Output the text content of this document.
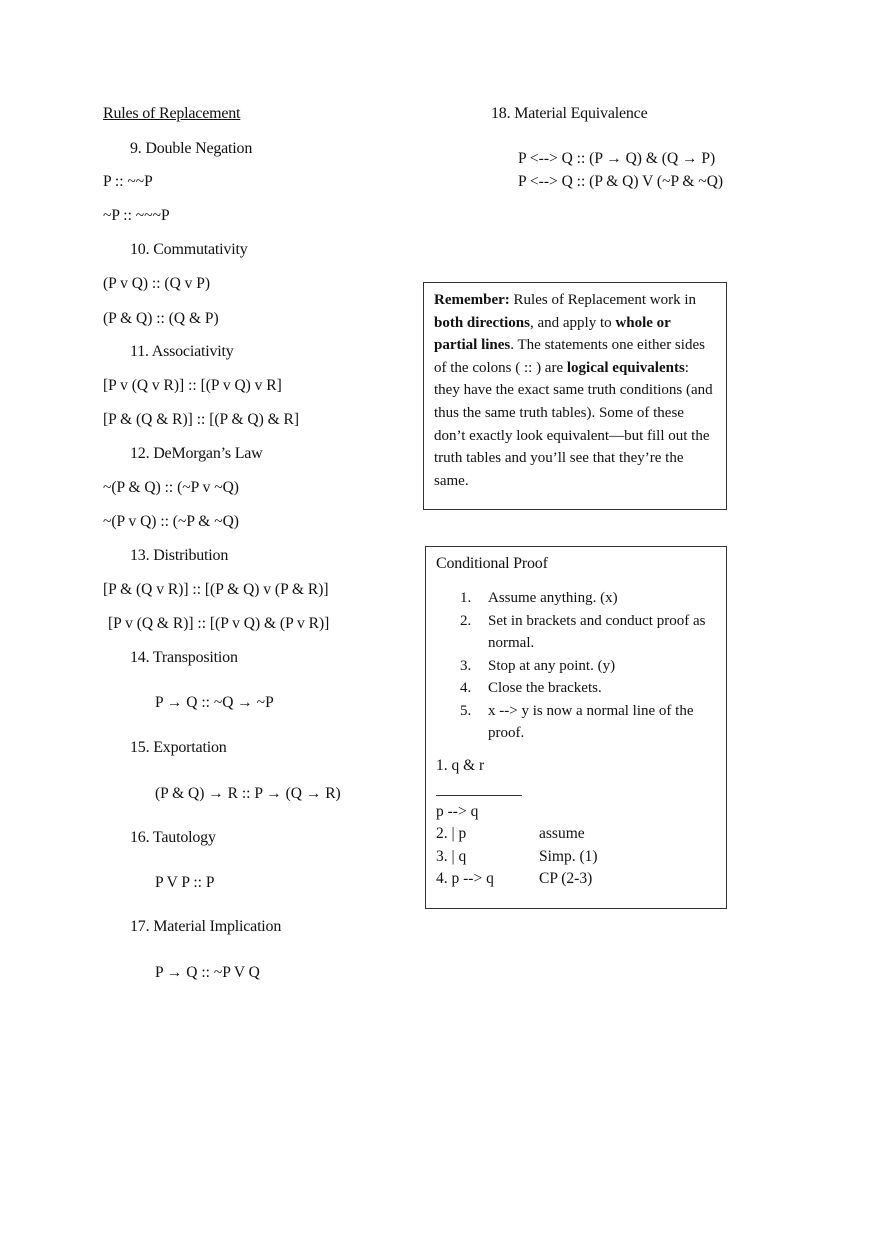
Rules of Replacement
9. Double Negation
P :: ~~P
~P :: ~~~P
10. Commutativity
(P v Q) :: (Q v P)
(P & Q) :: (Q & P)
11. Associativity
[P v (Q v R)] :: [(P v Q) v R]
[P & (Q & R)] :: [(P & Q) & R]
12. DeMorgan’s Law
~(P & Q) :: (~P v ~Q)
~(P v Q) :: (~P & ~Q)
13. Distribution
[P & (Q v R)] :: [(P & Q) v (P & R)]
[P v (Q & R)] :: [(P v Q) & (P v R)]
14. Transposition
P → Q :: ~Q → ~P
15. Exportation
(P & Q) → R :: P → (Q → R)
16. Tautology
P V P :: P
17. Material Implication
P → Q :: ~P V Q
18. Material Equivalence
P <--> Q :: (P → Q) & (Q → P)
P <--> Q :: (P & Q) V (~P & ~Q)

Remember: Rules of Replacement work in both directions, and apply to whole or partial lines. The statements one either sides of the colons ( :: ) are logical equivalents: they have the exact same truth conditions (and thus the same truth tables). Some of these don’t exactly look equivalent—but fill out the truth tables and you’ll see that they’re the same.

Conditional Proof
1.	Assume anything. (x)
2.	Set in brackets and conduct proof as normal.
3.	Stop at any point. (y)
4.	Close the brackets.
5.	x --> y is now a normal line of the proof.
1. q & r
p --> q
2. | p	assume
3. | q	Simp. (1)
4. p --> q	CP (2-3)
